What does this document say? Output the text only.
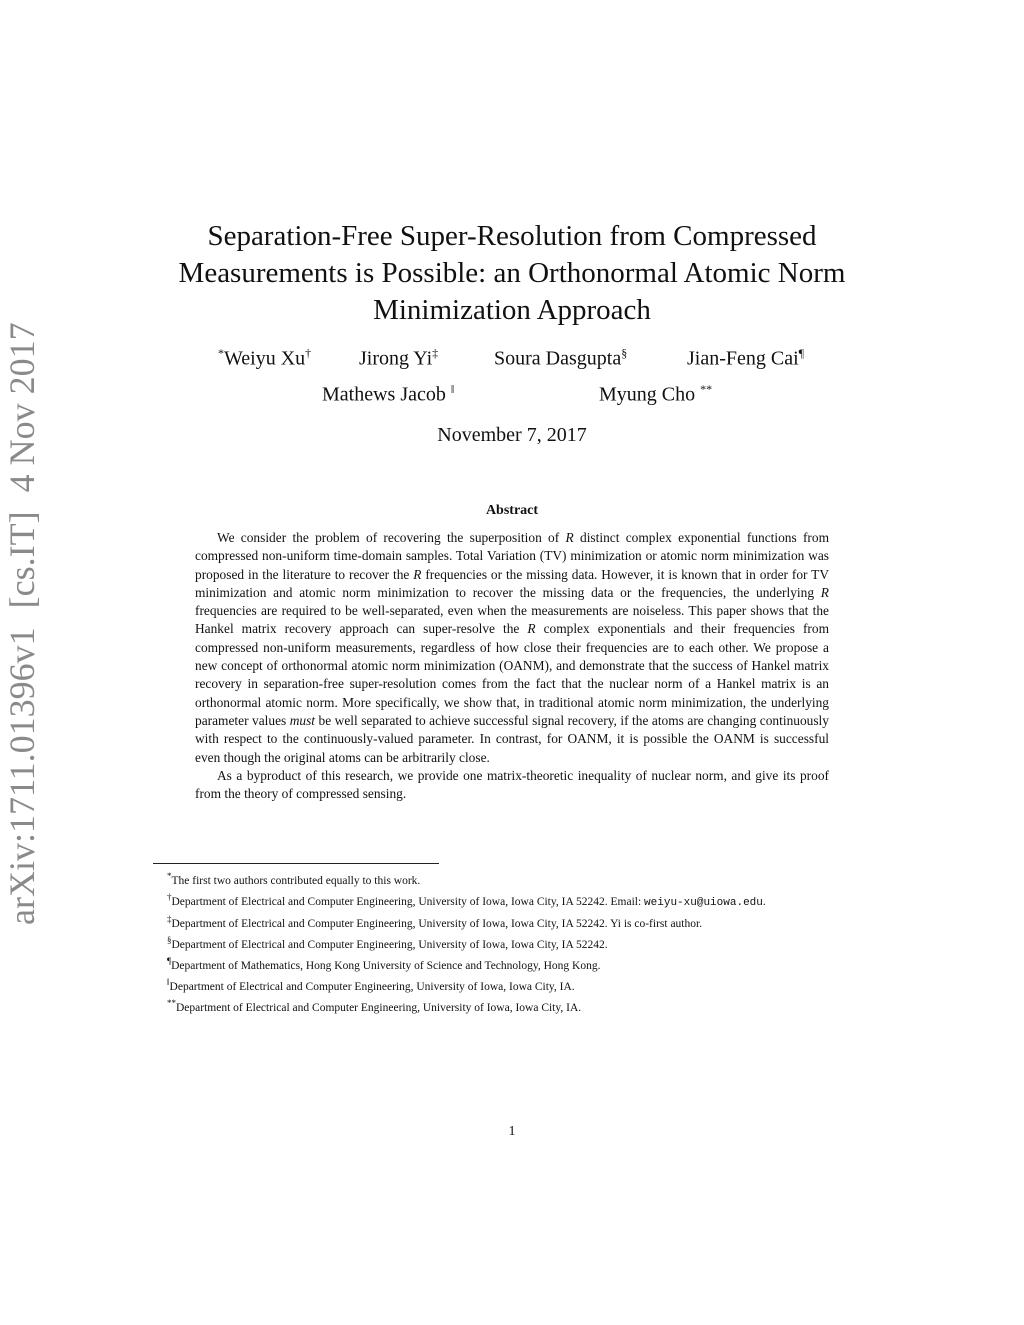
arXiv:1711.01396v1 [cs.IT] 4 Nov 2017
Separation-Free Super-Resolution from Compressed
Measurements is Possible: an Orthonormal Atomic Norm
Minimization Approach
*Weiyu Xu† Jirong Yi‡	Soura Dasgupta§	Jian-Feng Cai¶
Mathews Jacob ‖	Myung Cho **
November 7, 2017
Abstract

We consider the problem of recovering the superposition of R distinct complex exponential functions from compressed non-uniform time-domain samples. Total Variation (TV) minimization or atomic norm minimization was proposed in the literature to recover the R frequencies or the missing data. However, it is known that in order for TV minimization and atomic norm minimization to recover the missing data or the frequencies, the underlying R frequencies are required to be well-separated, even when the measurements are noiseless. This paper shows that the Hankel matrix recovery approach can super-resolve the R complex exponentials and their frequencies from compressed non-uniform measurements, regardless of how close their frequencies are to each other. We propose a new concept of orthonormal atomic norm minimization (OANM), and demonstrate that the success of Hankel matrix recovery in separation-free super-resolution comes from the fact that the nuclear norm of a Hankel matrix is an orthonormal atomic norm. More specifically, we show that, in traditional atomic norm minimization, the underlying parameter values must be well separated to achieve successful signal recovery, if the atoms are changing continuously with respect to the continuously-valued parameter. In contrast, for OANM, it is possible the OANM is successful even though the original atoms can be arbitrarily close.

As a byproduct of this research, we provide one matrix-theoretic inequality of nuclear norm, and give its proof from the theory of compressed sensing.

*The first two authors contributed equally to this work.

†Department of Electrical and Computer Engineering, University of Iowa, Iowa City, IA 52242. Email: weiyu-xu@uiowa.edu.

‡Department of Electrical and Computer Engineering, University of Iowa, Iowa City, IA 52242. Yi is co-first author.

§Department of Electrical and Computer Engineering, University of Iowa, Iowa City, IA 52242.

¶Department of Mathematics, Hong Kong University of Science and Technology, Hong Kong.

‖Department of Electrical and Computer Engineering, University of Iowa, Iowa City, IA.

**Department of Electrical and Computer Engineering, University of Iowa, Iowa City, IA.

1
